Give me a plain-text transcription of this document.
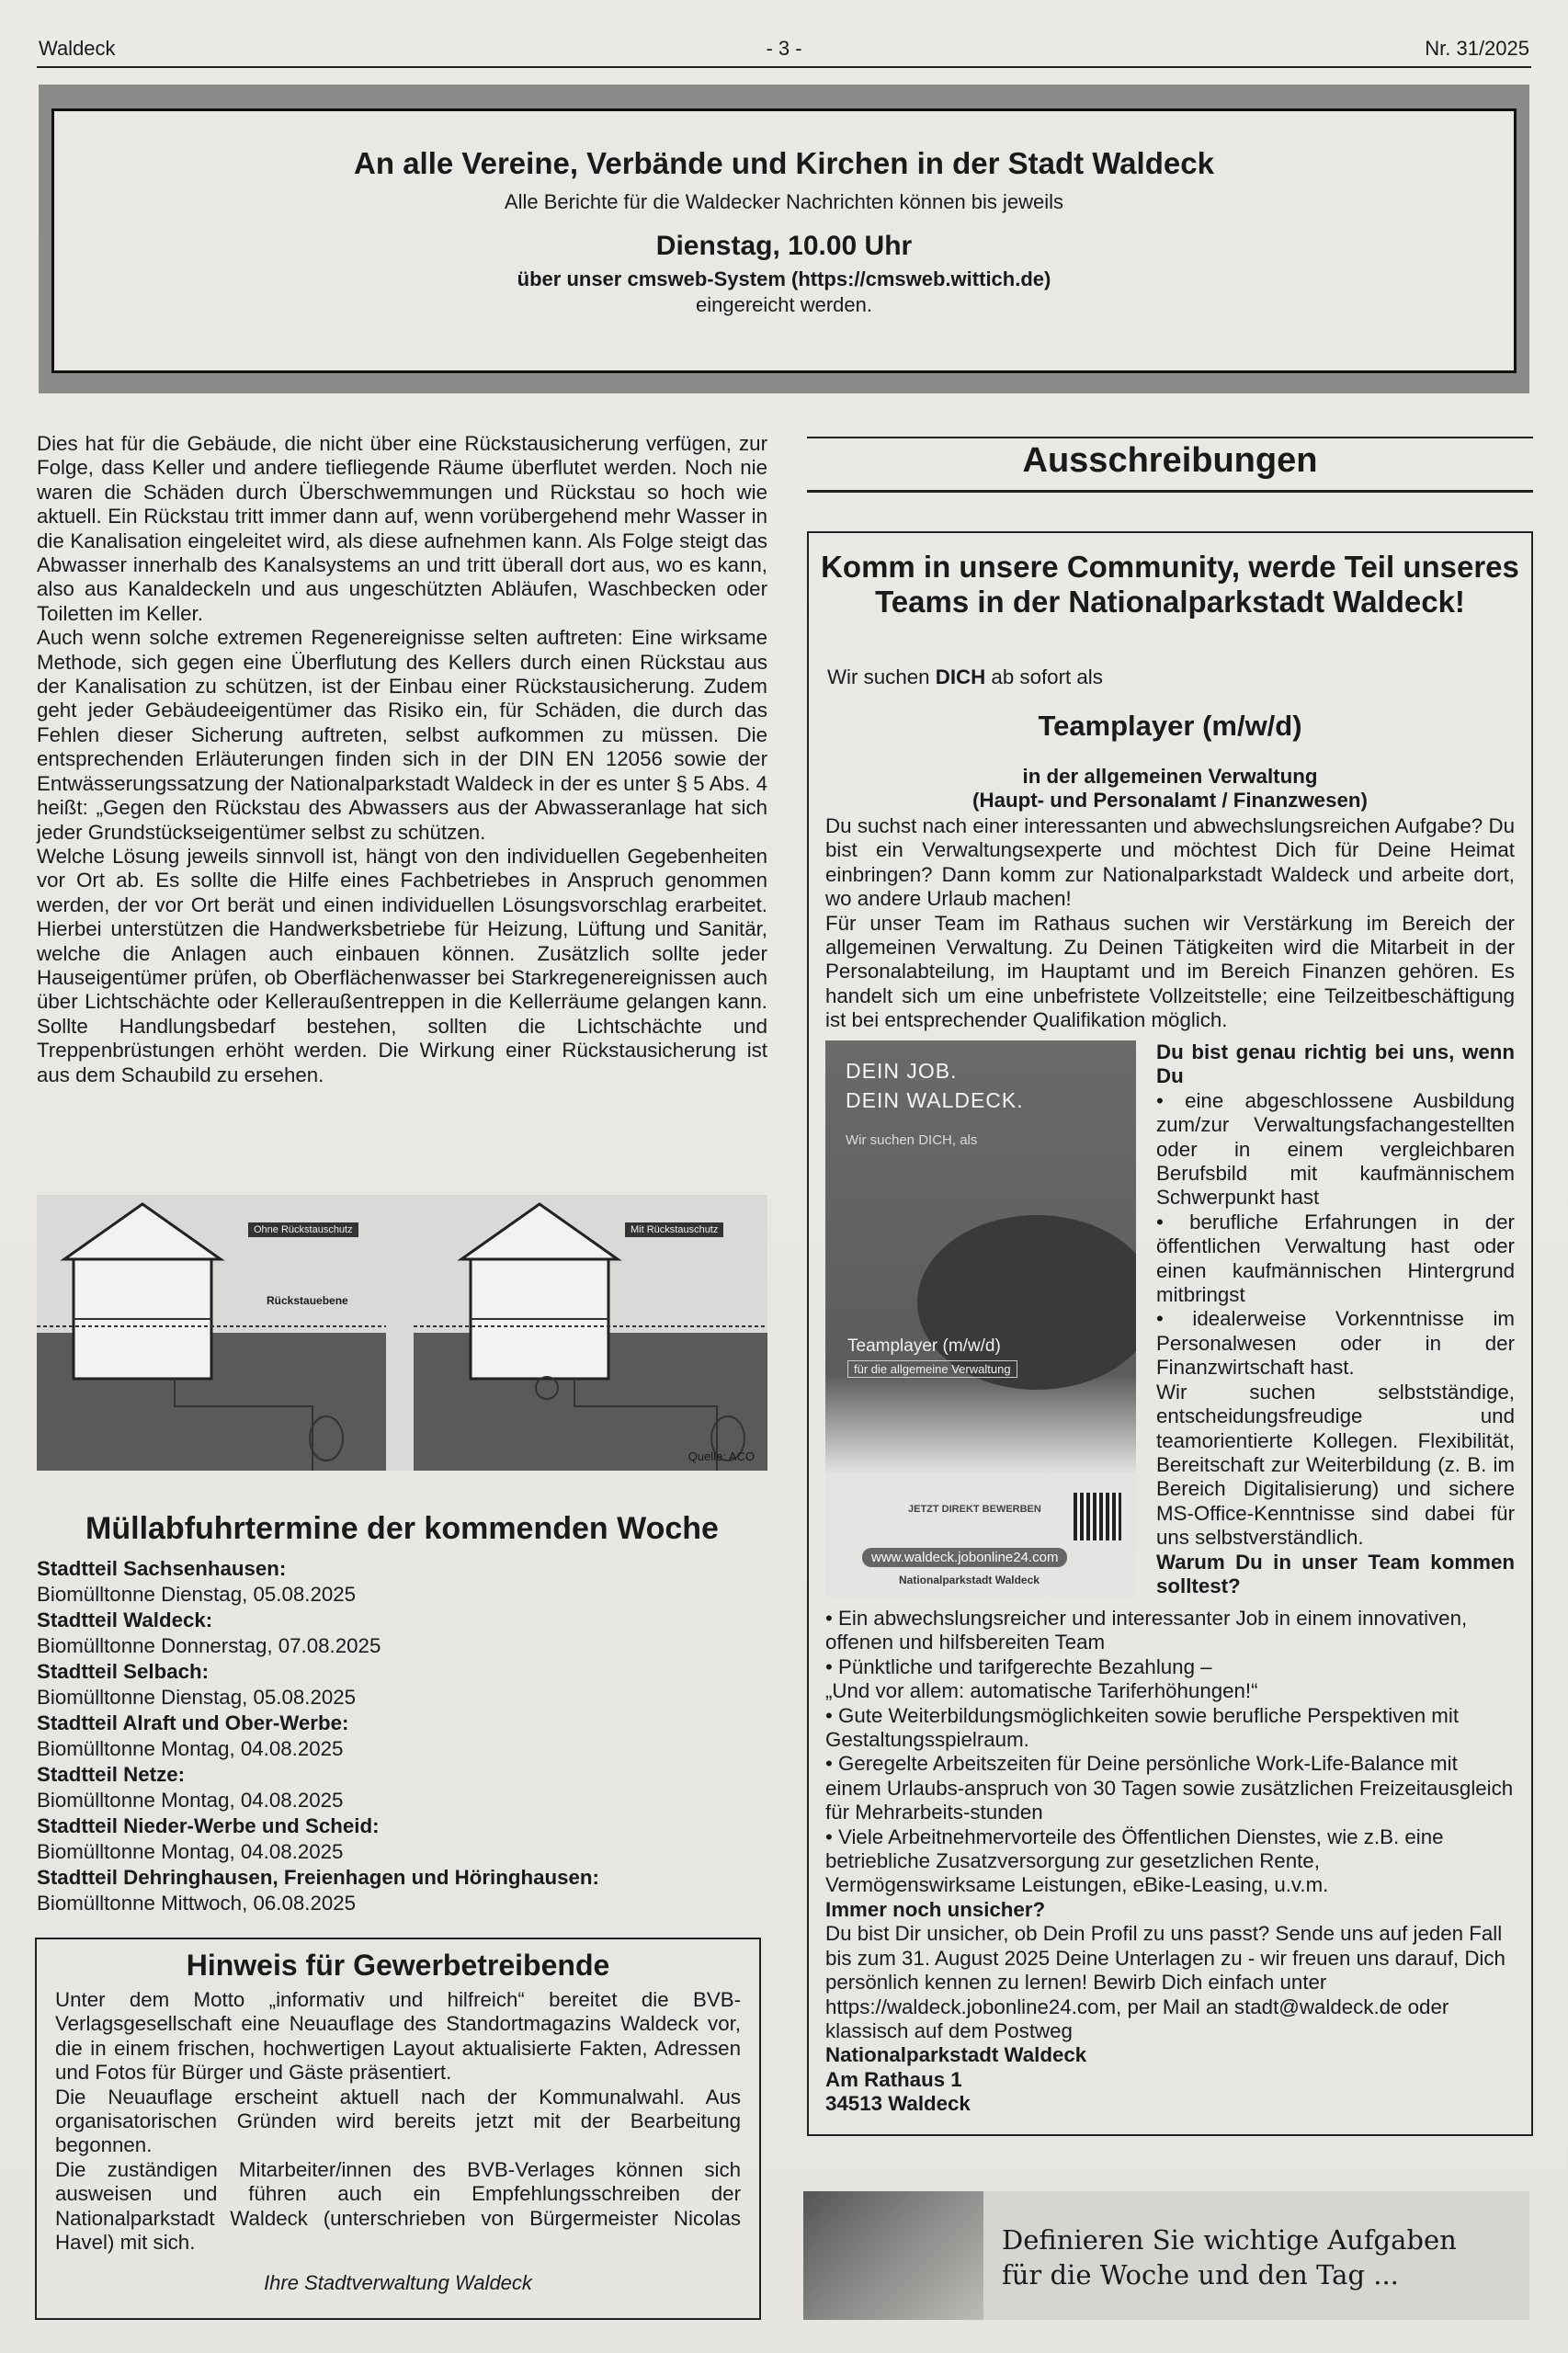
Waldeck	- 3 -	Nr. 31/2025
An alle Vereine, Verbände und Kirchen in der Stadt Waldeck
Alle Berichte für die Waldecker Nachrichten können bis jeweils
Dienstag, 10.00 Uhr
über unser cmsweb-System (https://cmsweb.wittich.de)
eingereicht werden.

Dies hat für die Gebäude, die nicht über eine Rückstausicherung verfügen, zur Folge, dass Keller und andere tiefliegende Räume überflutet werden. Noch nie waren die Schäden durch Überschwemmungen und Rückstau so hoch wie aktuell. Ein Rückstau tritt immer dann auf, wenn vorübergehend mehr Wasser in die Kanalisation eingeleitet wird, als diese aufnehmen kann. Als Folge steigt das Abwasser innerhalb des Kanalsystems an und tritt überall dort aus, wo es kann, also aus Kanaldeckeln und aus ungeschützten Abläufen, Waschbecken oder Toiletten im Keller.

Auch wenn solche extremen Regenereignisse selten auftreten: Eine wirksame Methode, sich gegen eine Überflutung des Kellers durch einen Rückstau aus der Kanalisation zu schützen, ist der Einbau einer Rückstausicherung. Zudem geht jeder Gebäudeeigentümer das Risiko ein, für Schäden, die durch das Fehlen dieser Sicherung auftreten, selbst aufkommen zu müssen. Die entsprechenden Erläuterungen finden sich in der DIN EN 12056 sowie der Entwässerungssatzung der Nationalparkstadt Waldeck in der es unter § 5 Abs. 4 heißt: „Gegen den Rückstau des Abwassers aus der Abwasseranlage hat sich jeder Grundstückseigentümer selbst zu schützen.

Welche Lösung jeweils sinnvoll ist, hängt von den individuellen Gegebenheiten vor Ort ab. Es sollte die Hilfe eines Fachbetriebes in Anspruch genommen werden, der vor Ort berät und einen individuellen Lösungsvorschlag erarbeitet. Hierbei unterstützen die Handwerksbetriebe für Heizung, Lüftung und Sanitär, welche die Anlagen auch einbauen können. Zusätzlich sollte jeder Hauseigentümer prüfen, ob Oberflächenwasser bei Starkregenereignissen auch über Lichtschächte oder Kelleraußentreppen in die Kellerräume gelangen kann. Sollte Handlungsbedarf bestehen, sollten die Lichtschächte und Treppenbrüstungen erhöht werden. Die Wirkung einer Rückstausicherung ist aus dem Schaubild zu ersehen.

Ohne Rückstauschutz	Mit Rückstauschutz
Rückstauebene
Quelle: ACO
Müllabfuhrtermine der kommenden Woche
Stadtteil Sachsenhausen:
Biomülltonne Dienstag, 05.08.2025
Stadtteil Waldeck:
Biomülltonne Donnerstag, 07.08.2025
Stadtteil Selbach:
Biomülltonne Dienstag, 05.08.2025
Stadtteil Alraft und Ober-Werbe:
Biomülltonne Montag, 04.08.2025
Stadtteil Netze:
Biomülltonne Montag, 04.08.2025
Stadtteil Nieder-Werbe und Scheid:
Biomülltonne Montag, 04.08.2025
Stadtteil Dehringhausen, Freienhagen und Höringhausen:
Biomülltonne Mittwoch, 06.08.2025
Hinweis für Gewerbetreibende

Unter dem Motto „informativ und hilfreich“ bereitet die BVB-Verlagsgesellschaft eine Neuauflage des Standortmagazins Waldeck vor, die in einem frischen, hochwertigen Layout aktualisierte Fakten, Adressen und Fotos für Bürger und Gäste präsentiert.

Die Neuauflage erscheint aktuell nach der Kommunalwahl. Aus organisatorischen Gründen wird bereits jetzt mit der Bearbeitung begonnen.

Die zuständigen Mitarbeiter/innen des BVB-Verlages können sich ausweisen und führen auch ein Empfehlungsschreiben der Nationalparkstadt Waldeck (unterschrieben von Bürgermeister Nicolas Havel) mit sich.

Ihre Stadtverwaltung Waldeck
Ausschreibungen
Komm in unsere Community, werde Teil unseres Teams in der Nationalparkstadt Waldeck!
Wir suchen DICH ab sofort als
Teamplayer (m/w/d)
in der allgemeinen Verwaltung
(Haupt- und Personalamt / Finanzwesen)

Du suchst nach einer interessanten und abwechslungsreichen Aufgabe? Du bist ein Verwaltungsexperte und möchtest Dich für Deine Heimat einbringen? Dann komm zur Nationalparkstadt Waldeck und arbeite dort, wo andere Urlaub machen!

Für unser Team im Rathaus suchen wir Verstärkung im Bereich der allgemeinen Verwaltung. Zu Deinen Tätigkeiten wird die Mitarbeit in der Personalabteilung, im Hauptamt und im Bereich Finanzen gehören. Es handelt sich um eine unbefristete Vollzeitstelle; eine Teilzeitbeschäftigung ist bei entsprechender Qualifikation möglich.

DEIN JOB.
DEIN WALDECK.
Wir suchen DICH, als
Teamplayer (m/w/d)
für die allgemeine Verwaltung
JETZT DIREKT BEWERBEN
www.waldeck.jobonline24.com
Nationalparkstadt Waldeck
Du bist genau richtig bei uns, wenn Du
• eine abgeschlossene Ausbildung zum/zur Verwaltungsfachangestellten oder in einem vergleichbaren Berufsbild mit kaufmännischem Schwerpunkt hast
• berufliche Erfahrungen in der öffentlichen Verwaltung hast oder einen kaufmännischen Hintergrund mitbringst
• idealerweise Vorkenntnisse im Personalwesen oder in der Finanzwirtschaft hast.
Wir suchen selbstständige, entscheidungsfreudige und teamorientierte Kollegen. Flexibilität, Bereitschaft zur Weiterbildung (z. B. im Bereich Digitalisierung) und sichere MS-Office-Kenntnisse sind dabei für uns selbstverständlich.
Warum Du in unser Team kommen solltest?
• Ein abwechslungsreicher und interessanter Job in einem innovativen, offenen und hilfsbereiten Team
• Pünktliche und tarifgerechte Bezahlung –
„Und vor allem: automatische Tariferhöhungen!“
• Gute Weiterbildungsmöglichkeiten sowie berufliche Perspektiven mit Gestaltungsspielraum.
• Geregelte Arbeitszeiten für Deine persönliche Work-Life-Balance mit einem Urlaubs-anspruch von 30 Tagen sowie zusätzlichen Freizeitausgleich für Mehrarbeits-stunden
• Viele Arbeitnehmervorteile des Öffentlichen Dienstes, wie z.B. eine betriebliche Zusatzversorgung zur gesetzlichen Rente, Vermögenswirksame Leistungen, eBike-Leasing, u.v.m.
Immer noch unsicher?
Du bist Dir unsicher, ob Dein Profil zu uns passt? Sende uns auf jeden Fall bis zum 31. August 2025 Deine Unterlagen zu - wir freuen uns darauf, Dich persönlich kennen zu lernen! Bewirb Dich einfach unter https://waldeck.jobonline24.com, per Mail an stadt@waldeck.de oder klassisch auf dem Postweg
Nationalparkstadt Waldeck
Am Rathaus 1
34513 Waldeck
Definieren Sie wichtige Aufgaben
für die Woche und den Tag ...
